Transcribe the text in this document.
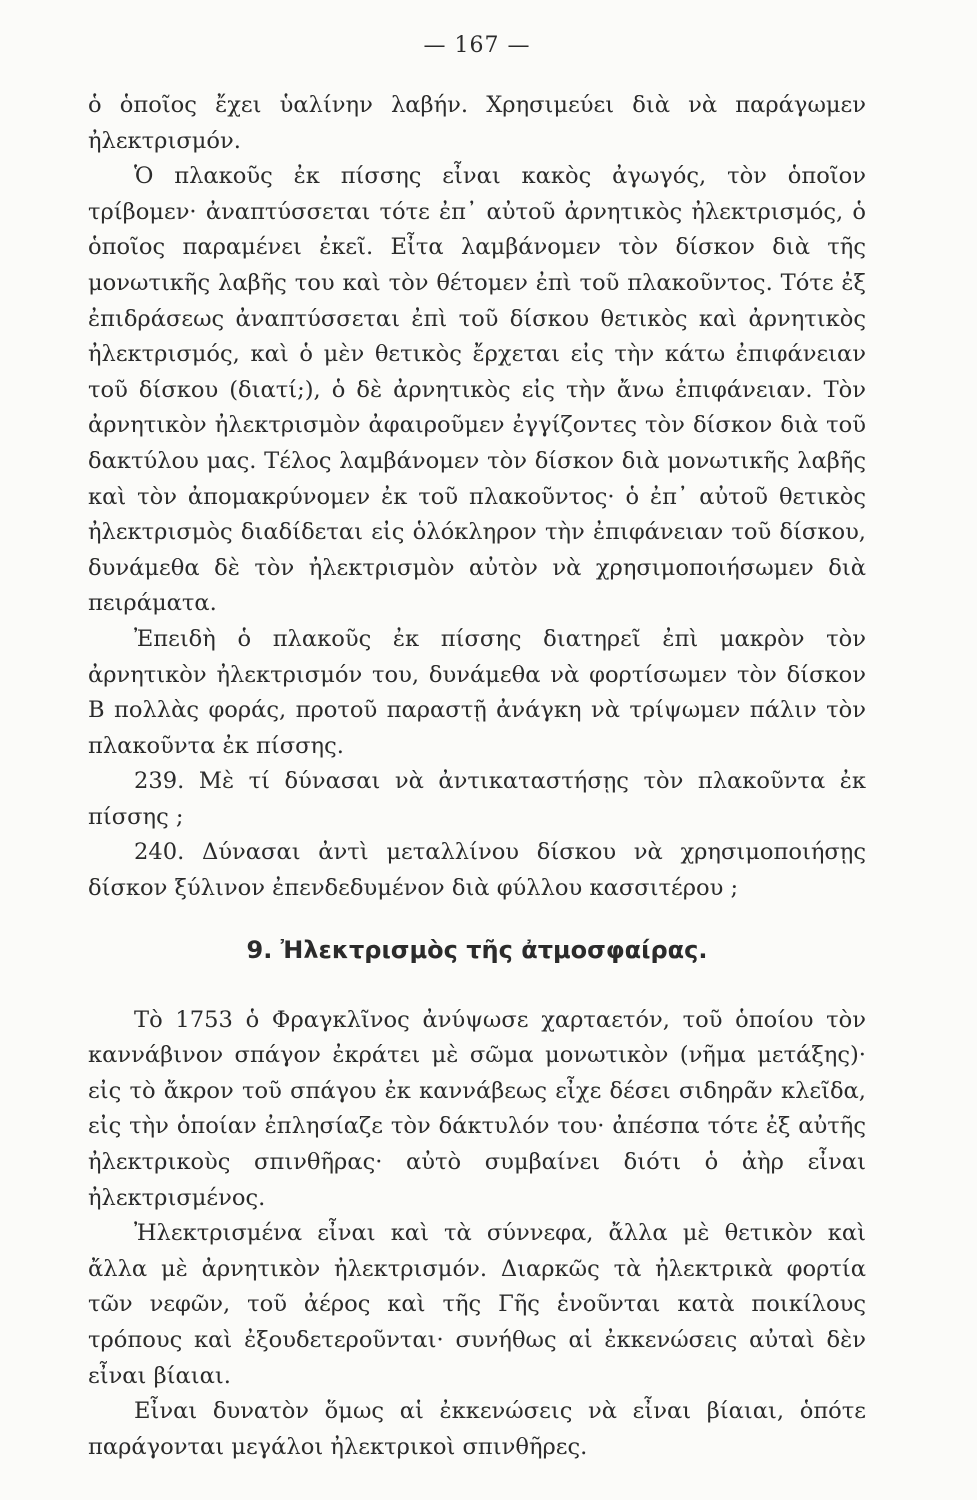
— 167 —

ὁ ὁποῖος ἔχει ὑαλίνην λαβήν. Χρησιμεύει διὰ νὰ παράγωμεν ἠλεκτρισμόν.

Ὁ πλακοῦς ἐκ πίσσης εἶναι κακὸς ἀγωγός, τὸν ὁποῖον τρίβομεν· ἀναπτύσσεται τότε ἐπ᾽ αὐτοῦ ἀρνητικὸς ἠλεκτρισμός, ὁ ὁποῖος παραμένει ἐκεῖ. Εἶτα λαμβάνομεν τὸν δίσκον διὰ τῆς μονωτικῆς λαβῆς του καὶ τὸν θέτομεν ἐπὶ τοῦ πλακοῦντος. Τότε ἐξ ἐπιδράσεως ἀναπτύσσεται ἐπὶ τοῦ δίσκου θετικὸς καὶ ἀρνητικὸς ἠλεκτρισμός, καὶ ὁ μὲν θετικὸς ἔρχεται εἰς τὴν κάτω ἐπιφάνειαν τοῦ δίσκου (διατί;), ὁ δὲ ἀρνητικὸς εἰς τὴν ἄνω ἐπιφάνειαν. Τὸν ἀρνητικὸν ἠλεκτρισμὸν ἀφαιροῦμεν ἐγγίζοντες τὸν δίσκον διὰ τοῦ δακτύλου μας. Τέλος λαμβάνομεν τὸν δίσκον διὰ μονωτικῆς λαβῆς καὶ τὸν ἀπομακρύνομεν ἐκ τοῦ πλακοῦντος· ὁ ἐπ᾽ αὐτοῦ θετικὸς ἠλεκτρισμὸς διαδίδεται εἰς ὁλόκληρον τὴν ἐπιφάνειαν τοῦ δίσκου, δυνάμεθα δὲ τὸν ἠλεκτρισμὸν αὐτὸν νὰ χρησιμοποιήσωμεν διὰ πειράματα.

Ἐπειδὴ ὁ πλακοῦς ἐκ πίσσης διατηρεῖ ἐπὶ μακρὸν τὸν ἀρνητικὸν ἠλεκτρισμόν του, δυνάμεθα νὰ φορτίσωμεν τὸν δίσκον Β πολλὰς φοράς, προτοῦ παραστῇ ἀνάγκη νὰ τρίψωμεν πάλιν τὸν πλακοῦντα ἐκ πίσσης.

239. Μὲ τί δύνασαι νὰ ἀντικαταστήσῃς τὸν πλακοῦντα ἐκ πίσσης ;

240. Δύνασαι ἀντὶ μεταλλίνου δίσκου νὰ χρησιμοποιήσῃς δίσκον ξύλινον ἐπενδεδυμένον διὰ φύλλου κασσιτέρου ;

9. Ἠλεκτρισμὸς τῆς ἀτμοσφαίρας.

Τὸ 1753 ὁ Φραγκλῖνος ἀνύψωσε χαρταετόν, τοῦ ὁποίου τὸν καννάβινον σπάγον ἐκράτει μὲ σῶμα μονωτικὸν (νῆμα μετάξης)· εἰς τὸ ἄκρον τοῦ σπάγου ἐκ καννάβεως εἶχε δέσει σιδηρᾶν κλεῖδα, εἰς τὴν ὁποίαν ἐπλησίαζε τὸν δάκτυλόν του· ἀπέσπα τότε ἐξ αὐτῆς ἠλεκτρικοὺς σπινθῆρας· αὐτὸ συμβαίνει διότι ὁ ἀὴρ εἶναι ἠλεκτρισμένος.

Ἠλεκτρισμένα εἶναι καὶ τὰ σύννεφα, ἄλλα μὲ θετικὸν καὶ ἄλλα μὲ ἀρνητικὸν ἠλεκτρισμόν. Διαρκῶς τὰ ἠλεκτρικὰ φορτία τῶν νεφῶν, τοῦ ἀέρος καὶ τῆς Γῆς ἑνοῦνται κατὰ ποικίλους τρόπους καὶ ἐξουδετεροῦνται· συνήθως αἱ ἐκκενώσεις αὐταὶ δὲν εἶναι βίαιαι.

Εἶναι δυνατὸν ὅμως αἱ ἐκκενώσεις νὰ εἶναι βίαιαι, ὁπότε παράγονται μεγάλοι ἠλεκτρικοὶ σπινθῆρες.
